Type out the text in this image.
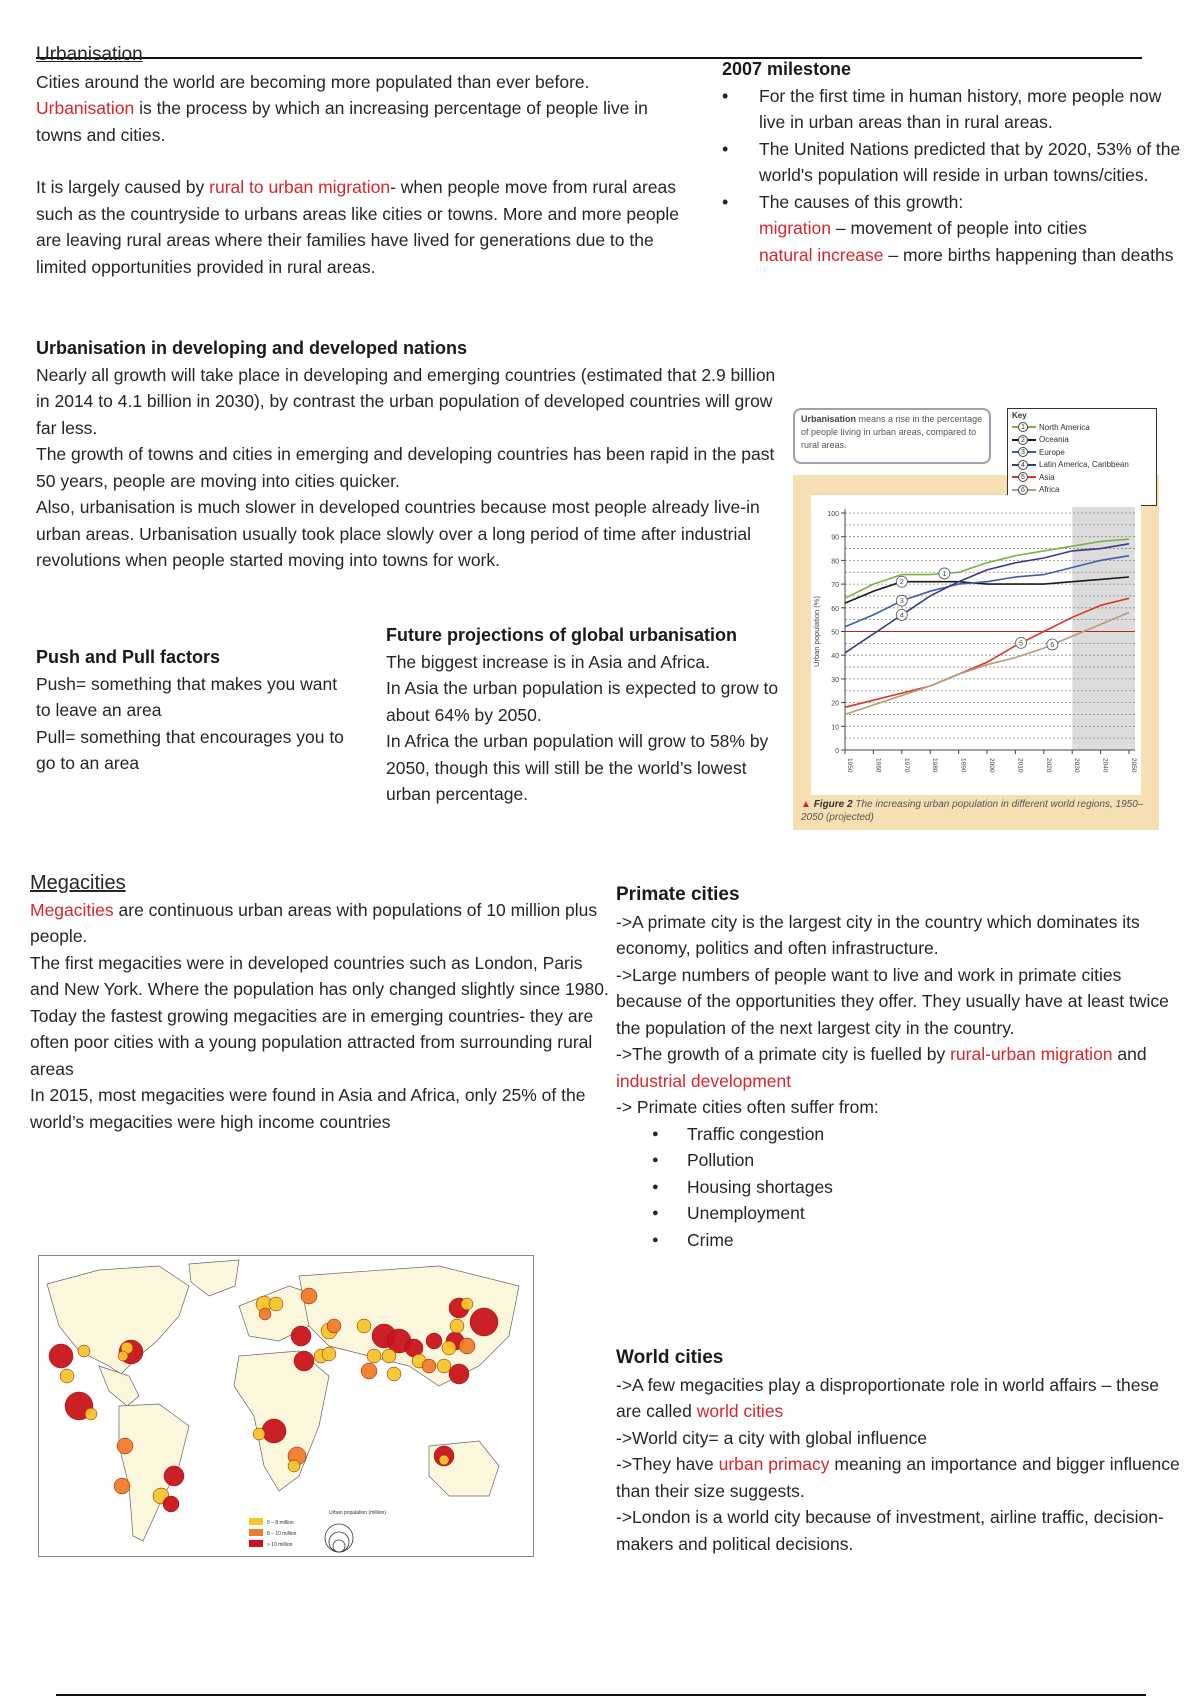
Urbanisation

Cities around the world are becoming more populated than ever before.
Urbanisation is the process by which an increasing percentage of people live in towns and cities.

It is largely caused by rural to urban migration- when people move from rural areas such as the countryside to urbans areas like cities or towns. More and more people are leaving rural areas where their families have lived for generations due to the limited opportunities provided in rural areas.

2007 milestone

• For the first time in human history, more people now live in urban areas than in rural areas.
• The United Nations predicted that by 2020, 53% of the world's population will reside in urban towns/cities.
• The causes of this growth:

migration – movement of people into cities

natural increase – more births happening than deaths

Urbanisation in developing and developed nations

Nearly all growth will take place in developing and emerging countries (estimated that 2.9 billion in 2014 to 4.1 billion in 2030), by contrast the urban population of developed countries will grow far less.

The growth of towns and cities in emerging and developing countries has been rapid in the past 50 years, people are moving into cities quicker.

Also, urbanisation is much slower in developed countries because most people already live-in urban areas. Urbanisation usually took place slowly over a long period of time after industrial revolutions when people started moving into towns for work.

Push and Pull factors

Push= something that makes you want to leave an area

Pull= something that encourages you to go to an area

Future projections of global urbanisation

The biggest increase is in Asia and Africa.

In Asia the urban population is expected to grow to about 64% by 2050.

In Africa the urban population will grow to 58% by 2050, though this will still be the world’s lowest urban percentage.

Urbanisation means a rise in the percentage of people living in urban areas, compared to rural areas.
Key
1	North America
2	Oceania
3	Europe
4	Latin America, Caribbean
5	Asia
6	Africa
0
10
20
30
40
50
60
70
80
90
100
1950	1960	1970	1980	1990	2000	2010	2020	2030	2040	2050
Urban population (%)
1
2
3
4
5	6
▲ Figure 2 The increasing urban population in different world regions, 1950–2050 (projected)

Megacities

Megacities are continuous urban areas with populations of 10 million plus people.

The first megacities were in developed countries such as London, Paris and New York. Where the population has only changed slightly since 1980.

Today the fastest growing megacities are in emerging countries- they are often poor cities with a young population attracted from surrounding rural areas

In 2015, most megacities were found in Asia and Africa, only 25% of the world’s megacities were high income countries

5 – 8 million
8 – 10 million
> 10 million
Urban population (million)

Primate cities

->A primate city is the largest city in the country which dominates its economy, politics and often infrastructure.

->Large numbers of people want to live and work in primate cities because of the opportunities they offer. They usually have at least twice the population of the next largest city in the country.

->The growth of a primate city is fuelled by rural-urban migration and industrial development

-> Primate cities often suffer from:

● Traffic congestion
● Pollution
● Housing shortages
● Unemployment
● Crime

World cities

->A few megacities play a disproportionate role in world affairs – these are called world cities

->World city= a city with global influence

->They have urban primacy meaning an importance and bigger influence than their size suggests.

->London is a world city because of investment, airline traffic, decision-makers and political decisions.
